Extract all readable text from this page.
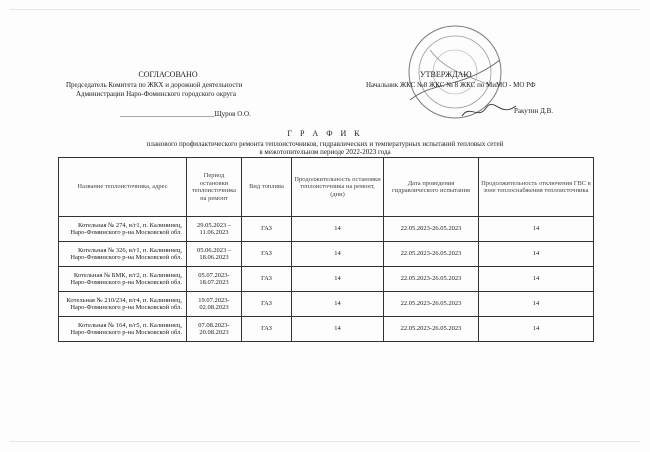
СОГЛАСОВАНО
Председатель Комитета по ЖКХ и дорожной деятельности
Администрации Наро-Фоминского городского округа
___________________________Щуров О.О.
УТВЕРЖДАЮ
Начальник ЖКС №8 ЖКС № 8 ЖКС по МиМО - МО РФ
Ракутин Д.В.
Г Р А Ф И К
планового профилактического ремонта теплоисточников, гидравлических и температурных испытаний тепловых сетей
в межотопительном периоде 2022-2023 года
Название теплоисточника, адрес	Период остановки теплоисточника на ремонт	Вид топлива	Продолжительность остановки теплоисточника на ремонт, (дни)	Дата проведения гидравлического испытания	Продолжительность отключения ГВС в зоне теплоснабжения теплоисточника
Котельная № 274, в/г1, п. Калининец, Наро-Фоминского р-на Московской обл.	29.05.2023 – 11.06.2023	ГАЗ	14	22.05.2023-26.05.2023	14
Котельная № 326, в/г1, п. Калининец, Наро-Фоминского р-на Московской обл.	05.06.2023 – 18.06.2023	ГАЗ	14	22.05.2023-26.05.2023	14
Котельная № БМК, в/г2, п. Калининец, Наро-Фоминского р-на Московской обл.	05.07.2023-18.07.2023	ГАЗ	14	22.05.2023-26.05.2023	14
Котельная № 210/234, в/г4, п. Калининец, Наро-Фоминского р-на Московской обл.	19.07.2023-02.08.2023	ГАЗ	14	22.05.2023-26.05.2023	14
Котельная № 164, в/г5, п. Калининец, Наро-Фоминского р-на Московской обл.	07.08.2023-20.08.2023	ГАЗ	14	22.05.2023-26.05.2023	14
